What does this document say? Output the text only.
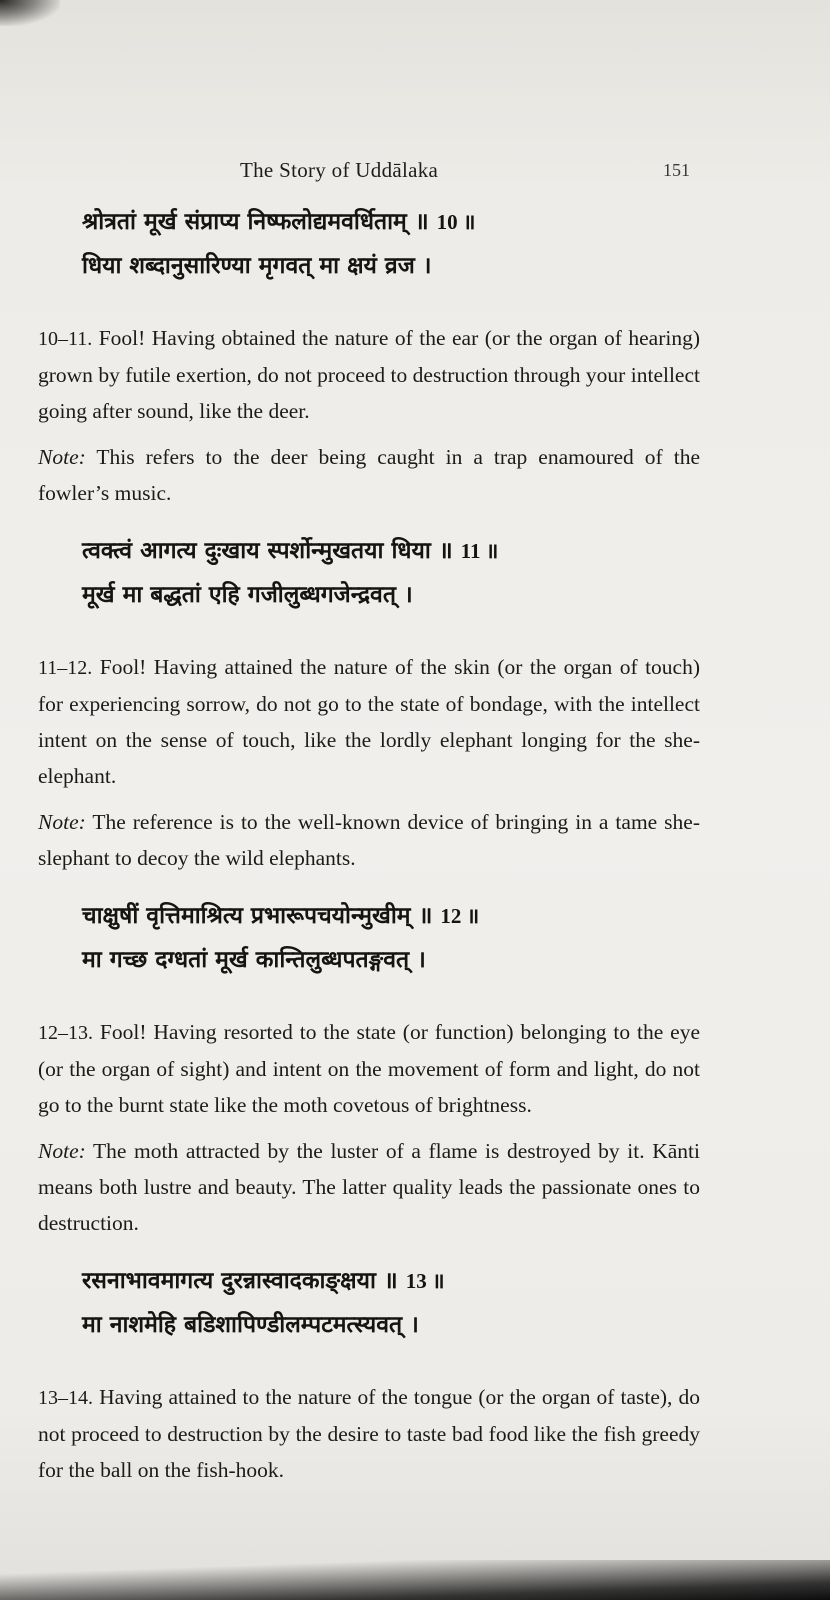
The Story of Uddālaka	151
श्रोत्रतां मूर्ख संप्राप्य निष्फलोद्यमवर्धिताम् ॥ 10 ॥
धिया शब्दानुसारिण्या मृगवत् मा क्षयं व्रज ।

10–11. Fool! Having obtained the nature of the ear (or the organ of hearing) grown by futile exertion, do not proceed to destruction through your intellect going after sound, like the deer.

Note: This refers to the deer being caught in a trap enamoured of the fowler’s music.

त्वक्त्वं आगत्य दुःखाय स्पर्शोन्मुखतया धिया ॥ 11 ॥
मूर्ख मा बद्धतां एहि गजीलुब्धगजेन्द्रवत् ।

11–12. Fool! Having attained the nature of the skin (or the organ of touch) for experiencing sorrow, do not go to the state of bondage, with the intellect intent on the sense of touch, like the lordly elephant longing for the she-elephant.

Note: The reference is to the well-known device of bringing in a tame she-slephant to decoy the wild elephants.

चाक्षुषीं वृत्तिमाश्रित्य प्रभारूपचयोन्मुखीम् ॥ 12 ॥
मा गच्छ दग्धतां मूर्ख कान्तिलुब्धपतङ्गवत् ।

12–13. Fool! Having resorted to the state (or function) belonging to the eye (or the organ of sight) and intent on the movement of form and light, do not go to the burnt state like the moth covetous of brightness.

Note: The moth attracted by the luster of a flame is destroyed by it. Kānti means both lustre and beauty. The latter quality leads the passionate ones to destruction.

रसनाभावमागत्य दुरन्नास्वादकाङ्क्षया ॥ 13 ॥
मा नाशमेहि बडिशापिण्डीलम्पटमत्स्यवत् ।

13–14. Having attained to the nature of the tongue (or the organ of taste), do not proceed to destruction by the desire to taste bad food like the fish greedy for the ball on the fish-hook.
